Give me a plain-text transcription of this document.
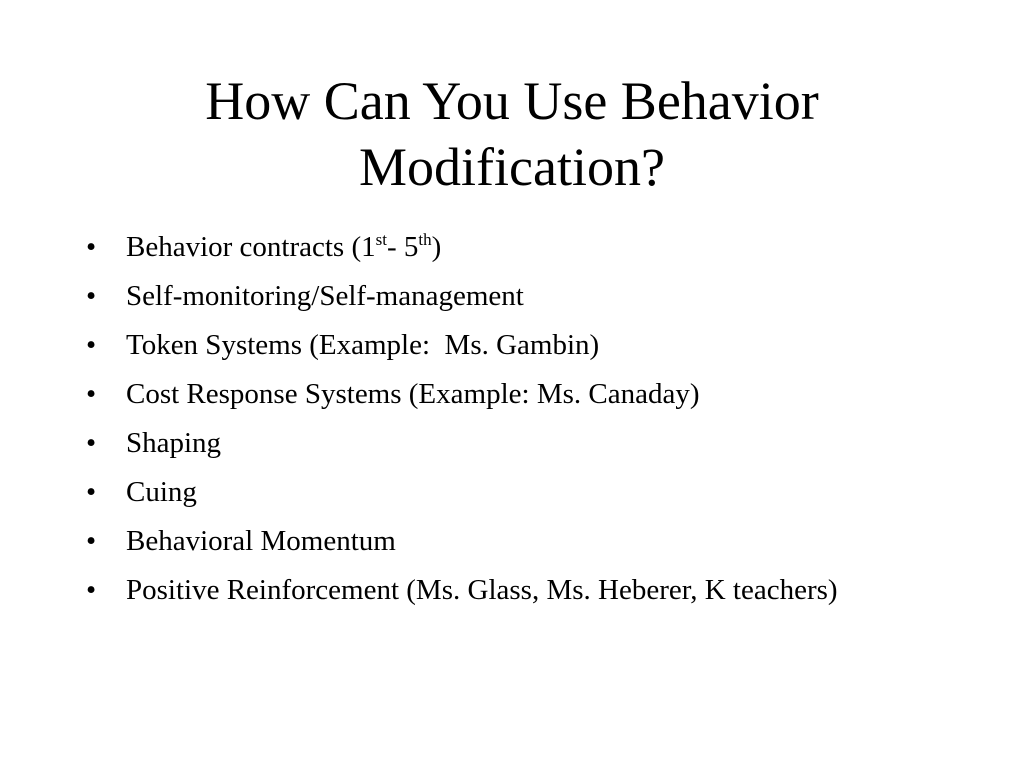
How Can You Use Behavior
Modification?
• Behavior contracts (1st- 5th)
• Self-monitoring/Self-management
• Token Systems (Example:  Ms. Gambin)
• Cost Response Systems (Example: Ms. Canaday)
• Shaping
• Cuing
• Behavioral Momentum
• Positive Reinforcement (Ms. Glass, Ms. Heberer, K teachers)
